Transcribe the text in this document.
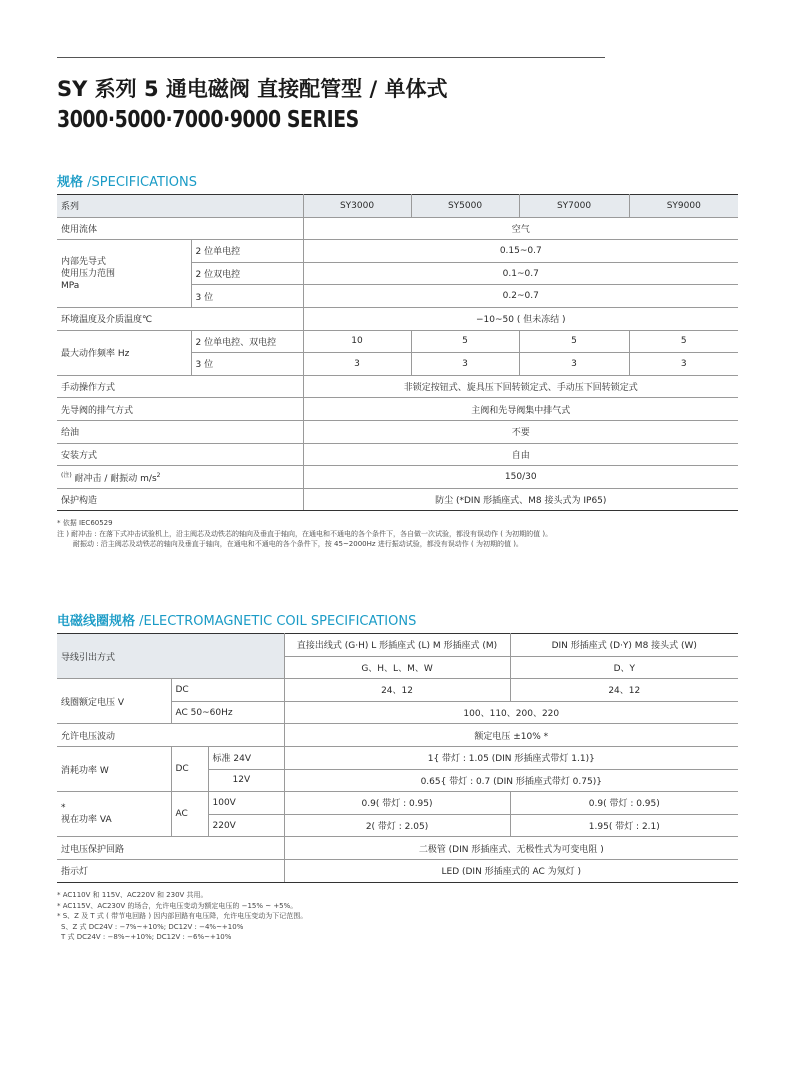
SY 系列 5 通电磁阀 直接配管型 / 单体式
3000·5000·7000·9000 SERIES
规格 /SPECIFICATIONS
系列		SY3000	SY5000	SY7000	SY9000
使用流体		空气			

内部先导式
使用压力范围
MPa	2 位单电控	0.15~0.7			
	2 位双电控	0.1~0.7			
	3 位	0.2~0.7			
环境温度及介质温度℃		−10~50 ( 但未冻结 )			
最大动作频率 Hz	2 位单电控、双电控	10	5	5	5
	3 位	3	3	3	3
手动操作方式		非锁定按钮式、旋具压下回转锁定式、手动压下回转锁定式			
先导阀的排气方式		主阀和先导阀集中排气式			
给油		不要			
安装方式		自由			
$^{(注)}$ 耐冲击 / 耐振动 $m/s^2$		150/30			
保护构造		防尘 (*DIN 形插座式、M8 接头式为 IP65)			
* 依据 IEC60529
注 ) 耐冲击 : 在落下式冲击试验机上，沿主阀芯及动铁芯的轴向及垂直于轴向，在通电和不通电的各个条件下，各自做一次试验，都没有误动作 ( 为初期的值 )。
耐振动 : 沿主阀芯及动铁芯的轴向及垂直于轴向，在通电和不通电的各个条件下，按 45~2000Hz 进行振动试验，都没有误动作 ( 为初期的值 )。
电磁线圈规格 /ELECTROMAGNETIC COIL SPECIFICATIONS
导线引出方式			直接出线式 (G·H) L 形插座式 (L) M 形插座式 (M)	DIN 形插座式 (D·Y) M8 接头式 (W)
			G、H、L、M、W	D、Y
线圈额定电压 V	DC		24、12	24、12
	AC 50~60Hz		100、110、200、220	
允许电压波动			额定电压 ±10% *	
消耗功率 W	DC	标准 24V	1{ 带灯 : 1.05 (DIN 形插座式带灯 1.1)}	
		12V	0.65{ 带灯 : 0.7 (DIN 形插座式带灯 0.75)}	

*
视在功率 VA	AC	100V	0.9( 带灯 : 0.95)	0.9( 带灯 : 0.95)
		220V	2( 带灯 : 2.05)	1.95( 带灯 : 2.1)
过电压保护回路			二极管 (DIN 形插座式、无极性式为可变电阻 )	
指示灯			LED (DIN 形插座式的 AC 为氖灯 )	
* AC110V 和 115V、AC220V 和 230V 共用。
* AC115V、AC230V 的场合，允许电压变动为额定电压的 −15% ~ +5%。
* S、Z 及 T 式 ( 带节电回路 ) 因内部回路有电压降，允许电压变动为下记范围。
S、Z 式 DC24V : −7%~+10%; DC12V : −4%~+10%
T 式 DC24V : −8%~+10%; DC12V : −6%~+10%
